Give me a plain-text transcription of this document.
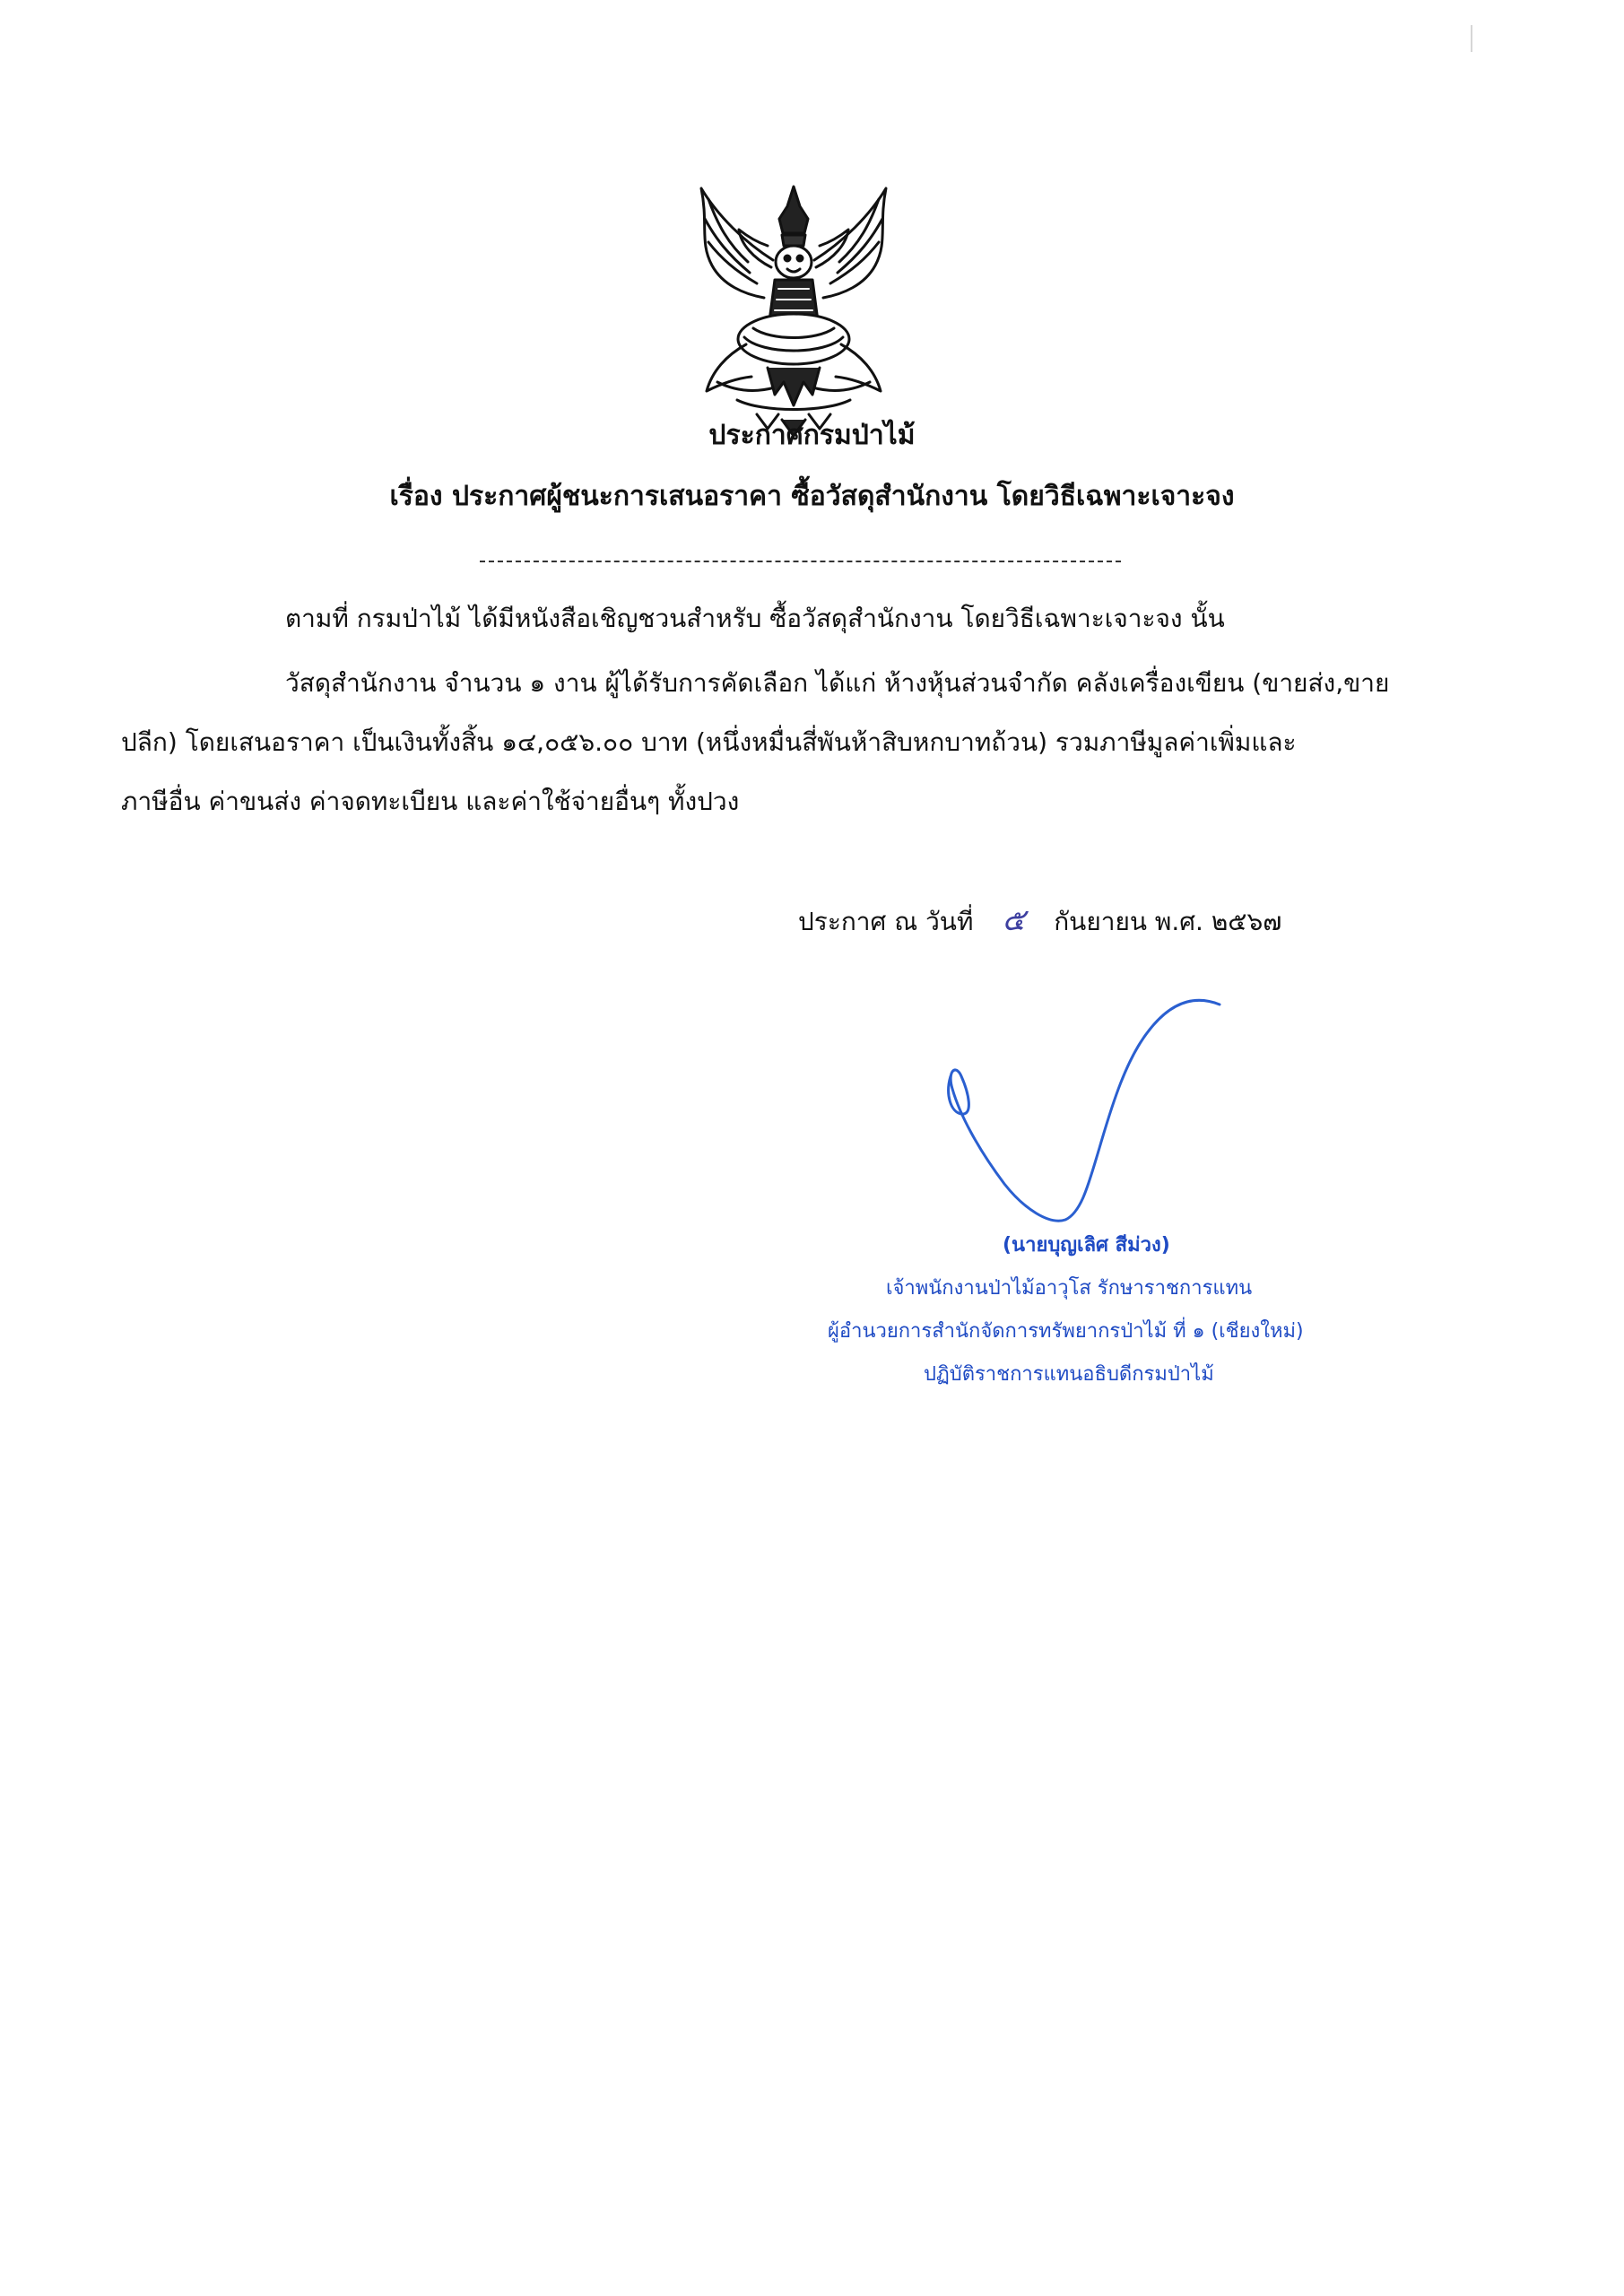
ประกาศกรมป่าไม้
เรื่อง ประกาศผู้ชนะการเสนอราคา ซื้อวัสดุสำนักงาน โดยวิธีเฉพาะเจาะจง
ตามที่ กรมป่าไม้ ได้มีหนังสือเชิญชวนสำหรับ ซื้อวัสดุสำนักงาน โดยวิธีเฉพาะเจาะจง นั้น
วัสดุสำนักงาน จำนวน ๑ งาน ผู้ได้รับการคัดเลือก ได้แก่ ห้างหุ้นส่วนจำกัด คลังเครื่องเขียน (ขายส่ง,ขาย
ปลีก) โดยเสนอราคา เป็นเงินทั้งสิ้น ๑๔,๐๕๖.๐๐ บาท (หนึ่งหมื่นสี่พันห้าสิบหกบาทถ้วน) รวมภาษีมูลค่าเพิ่มและ
ภาษีอื่น ค่าขนส่ง ค่าจดทะเบียน และค่าใช้จ่ายอื่นๆ ทั้งปวง
ประกาศ ณ วันที่ ๕ กันยายน พ.ศ. ๒๕๖๗
(นายบุญเลิศ สีม่วง)
เจ้าพนักงานป่าไม้อาวุโส รักษาราชการแทน
ผู้อำนวยการสำนักจัดการทรัพยากรป่าไม้ ที่ ๑ (เชียงใหม่)
ปฏิบัติราชการแทนอธิบดีกรมป่าไม้
